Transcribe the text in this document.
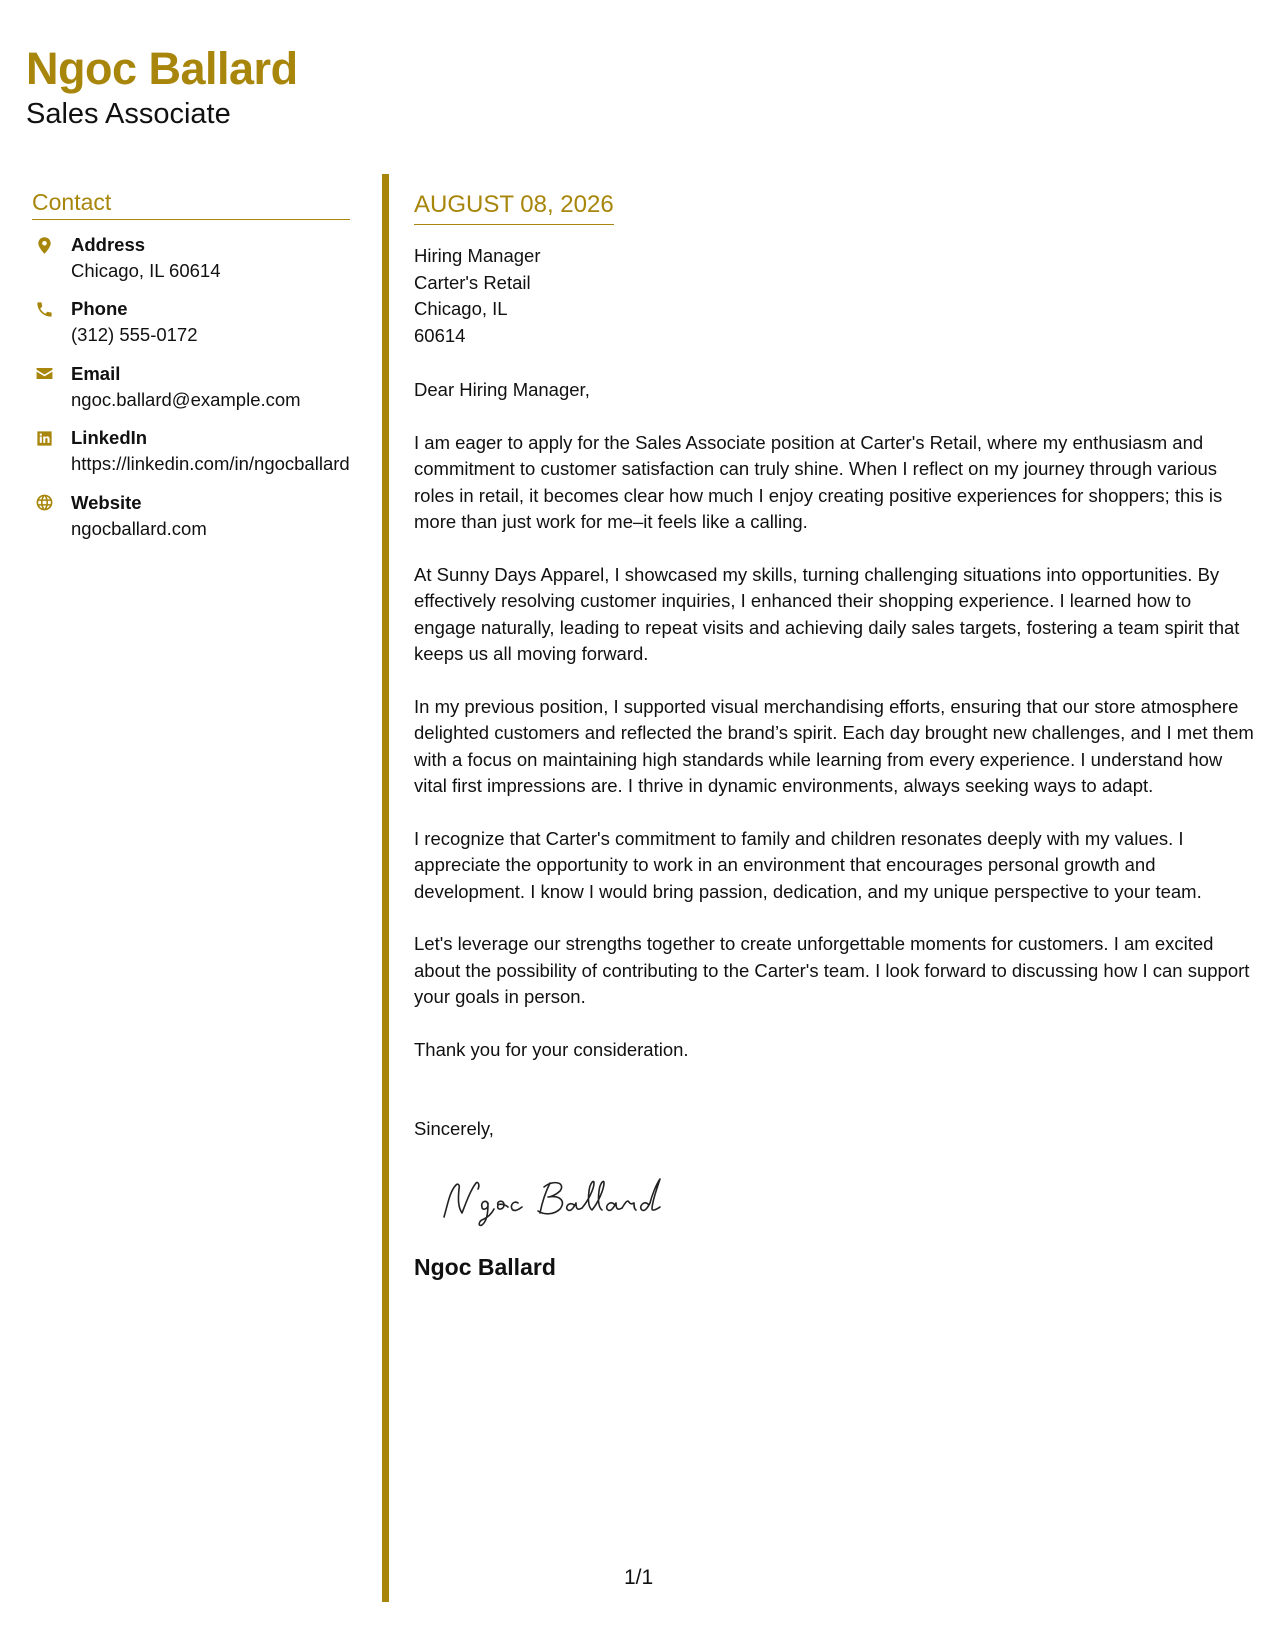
Ngoc Ballard
Sales Associate
Contact
Address
Chicago, IL 60614
Phone
(312) 555-0172
Email
ngoc.ballard@example.com
LinkedIn
https://linkedin.com/in/ngocballard
Website
ngocballard.com
AUGUST 08, 2026
Hiring Manager
Carter's Retail
Chicago, IL
60614
Dear Hiring Manager,

I am eager to apply for the Sales Associate position at Carter's Retail, where my enthusiasm and commitment to customer satisfaction can truly shine. When I reflect on my journey through various roles in retail, it becomes clear how much I enjoy creating positive experiences for shoppers; this is more than just work for me–it feels like a calling.

At Sunny Days Apparel, I showcased my skills, turning challenging situations into opportunities. By effectively resolving customer inquiries, I enhanced their shopping experience. I learned how to engage naturally, leading to repeat visits and achieving daily sales targets, fostering a team spirit that keeps us all moving forward.

In my previous position, I supported visual merchandising efforts, ensuring that our store atmosphere delighted customers and reflected the brand’s spirit. Each day brought new challenges, and I met them with a focus on maintaining high standards while learning from every experience. I understand how vital first impressions are. I thrive in dynamic environments, always seeking ways to adapt.

I recognize that Carter's commitment to family and children resonates deeply with my values. I appreciate the opportunity to work in an environment that encourages personal growth and development. I know I would bring passion, dedication, and my unique perspective to your team.

Let's leverage our strengths together to create unforgettable moments for customers. I am excited about the possibility of contributing to the Carter's team. I look forward to discussing how I can support your goals in person.

Thank you for your consideration.

Sincerely,
Ngoc Ballard
1/1
